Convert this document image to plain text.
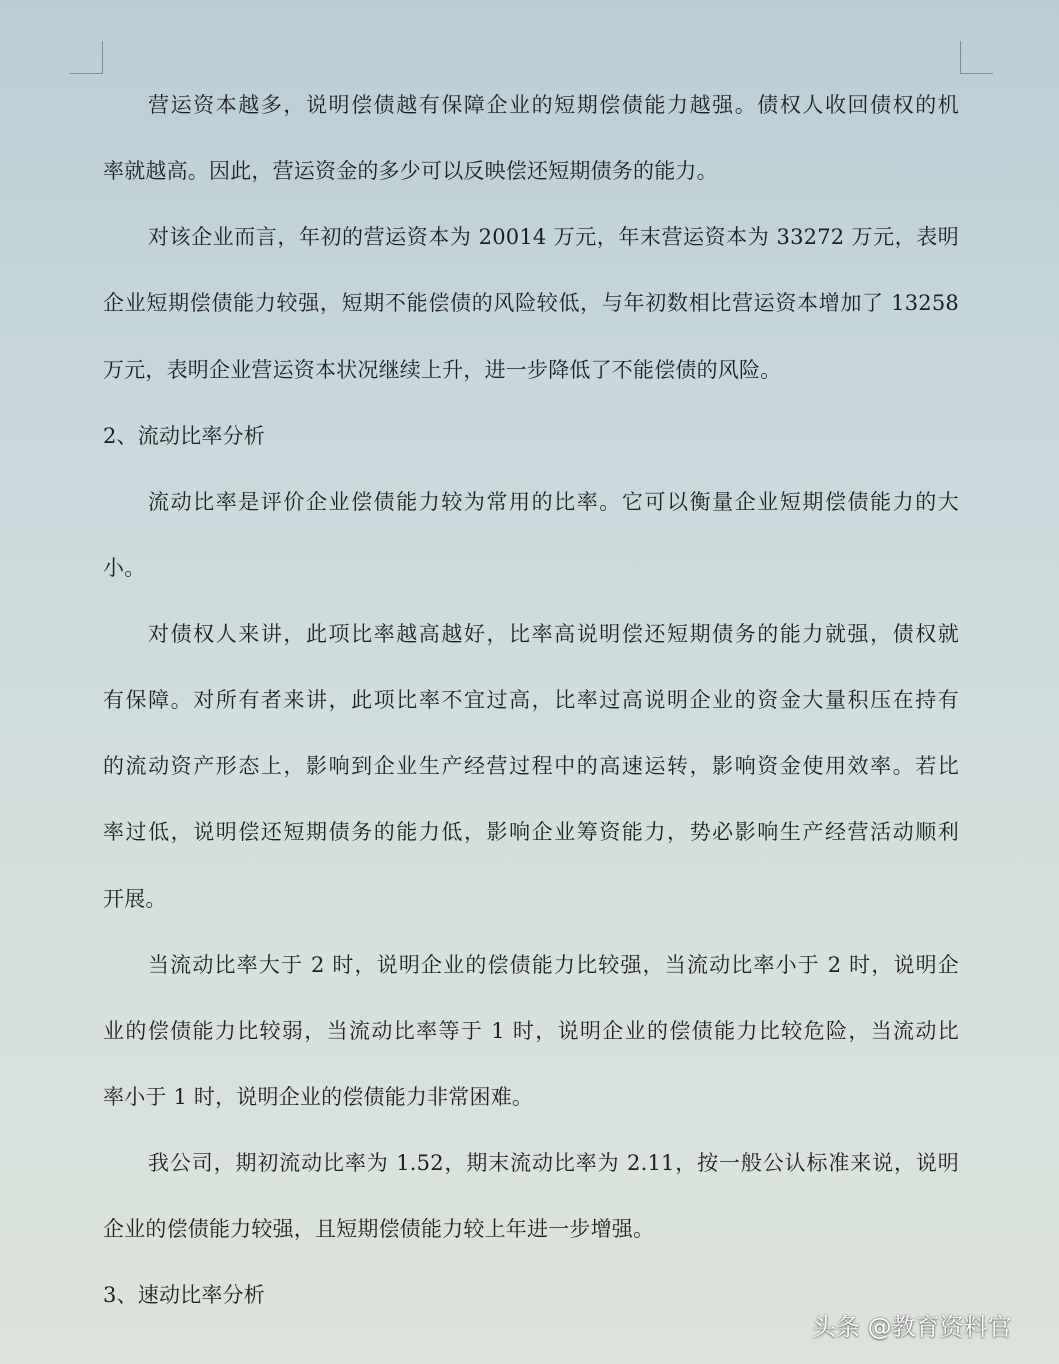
营运资本越多，说明偿债越有保障企业的短期偿债能力越强。债权人收回债权的机
率就越高。因此，营运资金的多少可以反映偿还短期债务的能力。
对该企业而言，年初的营运资本为 20014 万元，年末营运资本为 33272 万元，表明
企业短期偿债能力较强，短期不能偿债的风险较低，与年初数相比营运资本增加了 13258
万元，表明企业营运资本状况继续上升，进一步降低了不能偿债的风险。
2、流动比率分析
流动比率是评价企业偿债能力较为常用的比率。它可以衡量企业短期偿债能力的大
小。
对债权人来讲，此项比率越高越好，比率高说明偿还短期债务的能力就强，债权就
有保障。对所有者来讲，此项比率不宜过高，比率过高说明企业的资金大量积压在持有
的流动资产形态上，影响到企业生产经营过程中的高速运转，影响资金使用效率。若比
率过低，说明偿还短期债务的能力低，影响企业筹资能力，势必影响生产经营活动顺利
开展。
当流动比率大于 2 时，说明企业的偿债能力比较强，当流动比率小于 2 时，说明企
业的偿债能力比较弱，当流动比率等于 1 时，说明企业的偿债能力比较危险，当流动比
率小于 1 时，说明企业的偿债能力非常困难。
我公司，期初流动比率为 1.52，期末流动比率为 2.11，按一般公认标准来说，说明
企业的偿债能力较强，且短期偿债能力较上年进一步增强。
3、速动比率分析
头条 @教育资料官
